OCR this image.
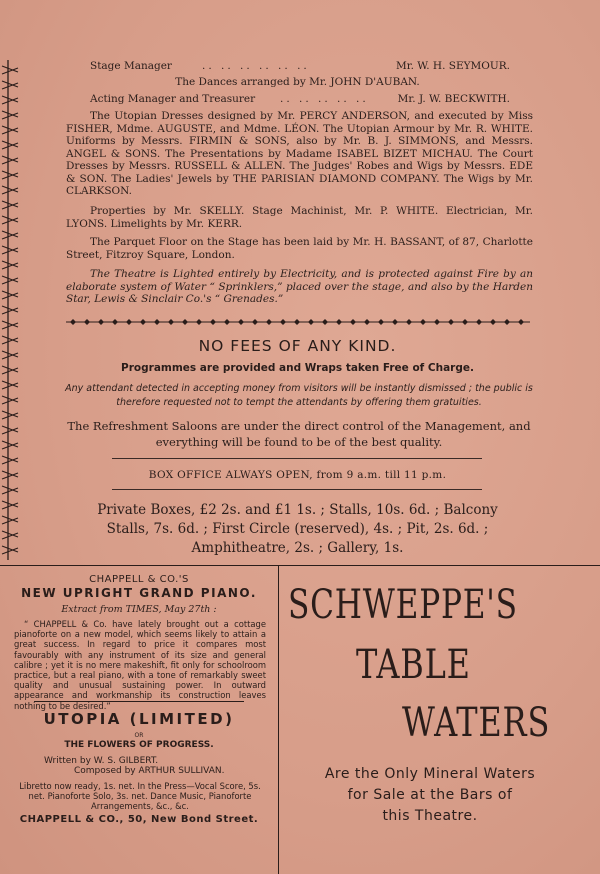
Stage Manager	.. .. .. .. .. ..	Mr. W. H. SEYMOUR.
The Dances arranged by Mr. JOHN D'AUBAN.
Acting Manager and Treasurer .. .. .. .. ..	Mr. J. W. BECKWITH.
The Utopian Dresses designed by Mr. PERCY ANDERSON, and executed by Miss FISHER, Mdme. AUGUSTE, and Mdme. LÉON. The Utopian Armour by Mr. R. WHITE. Uniforms by Messrs. FIRMIN & SONS, also by Mr. B. J. SIMMONS, and Messrs. ANGEL & SONS. The Presentations by Madame ISABEL BIZET MICHAU. The Court Dresses by Messrs. RUSSELL & ALLEN. The Judges' Robes and Wigs by Messrs. EDE & SON. The Ladies' Jewels by THE PARISIAN DIAMOND COMPANY. The Wigs by Mr. CLARKSON.
Properties by Mr. SKELLY. Stage Machinist, Mr. P. WHITE. Electrician, Mr. LYONS. Limelights by Mr. KERR.
The Parquet Floor on the Stage has been laid by Mr. H. BASSANT, of 87, Charlotte Street, Fitzroy Square, London.
The Theatre is Lighted entirely by Electricity, and is protected against Fire by an elaborate system of Water “ Sprinklers,” placed over the stage, and also by the Harden Star, Lewis & Sinclair Co.'s “ Grenades.”
NO FEES OF ANY KIND.
Programmes are provided and Wraps taken Free of Charge.
Any attendant detected in accepting money from visitors will be instantly dismissed ; the public is therefore requested not to tempt the attendants by offering them gratuities.
The Refreshment Saloons are under the direct control of the Management, and everything will be found to be of the best quality.
BOX OFFICE ALWAYS OPEN, from 9 a.m. till 11 p.m.
Private Boxes, £2 2s. and £1 1s. ; Stalls, 10s. 6d. ; Balcony
Stalls, 7s. 6d. ; First Circle (reserved), 4s. ; Pit, 2s. 6d. ;
Amphitheatre, 2s. ; Gallery, 1s.
CHAPPELL & CO.'S
NEW UPRIGHT GRAND PIANO.
Extract from TIMES, May 27th :
“ CHAPPELL & Co. have lately brought out a cottage pianoforte on a new model, which seems likely to attain a great success. In regard to price it compares most favourably with any instrument of its size and general calibre ; yet it is no mere makeshift, fit only for schoolroom practice, but a real piano, with a tone of remarkably sweet quality and unusual sustaining power. In outward appearance and workmanship its construction leaves nothing to be desired.”
UTOPIA (LIMITED)
OR
THE FLOWERS OF PROGRESS.
Written by W. S. GILBERT.
Composed by ARTHUR SULLIVAN.
Libretto now ready, 1s. net. In the Press—Vocal Score, 5s. net. Pianoforte Solo, 3s. net. Dance Music, Pianoforte Arrangements, &c., &c.
CHAPPELL & CO., 50, New Bond Street.
SCHWEPPE'S
TABLE
WATERS
Are the Only Mineral Waters
for Sale at the Bars of
this Theatre.
